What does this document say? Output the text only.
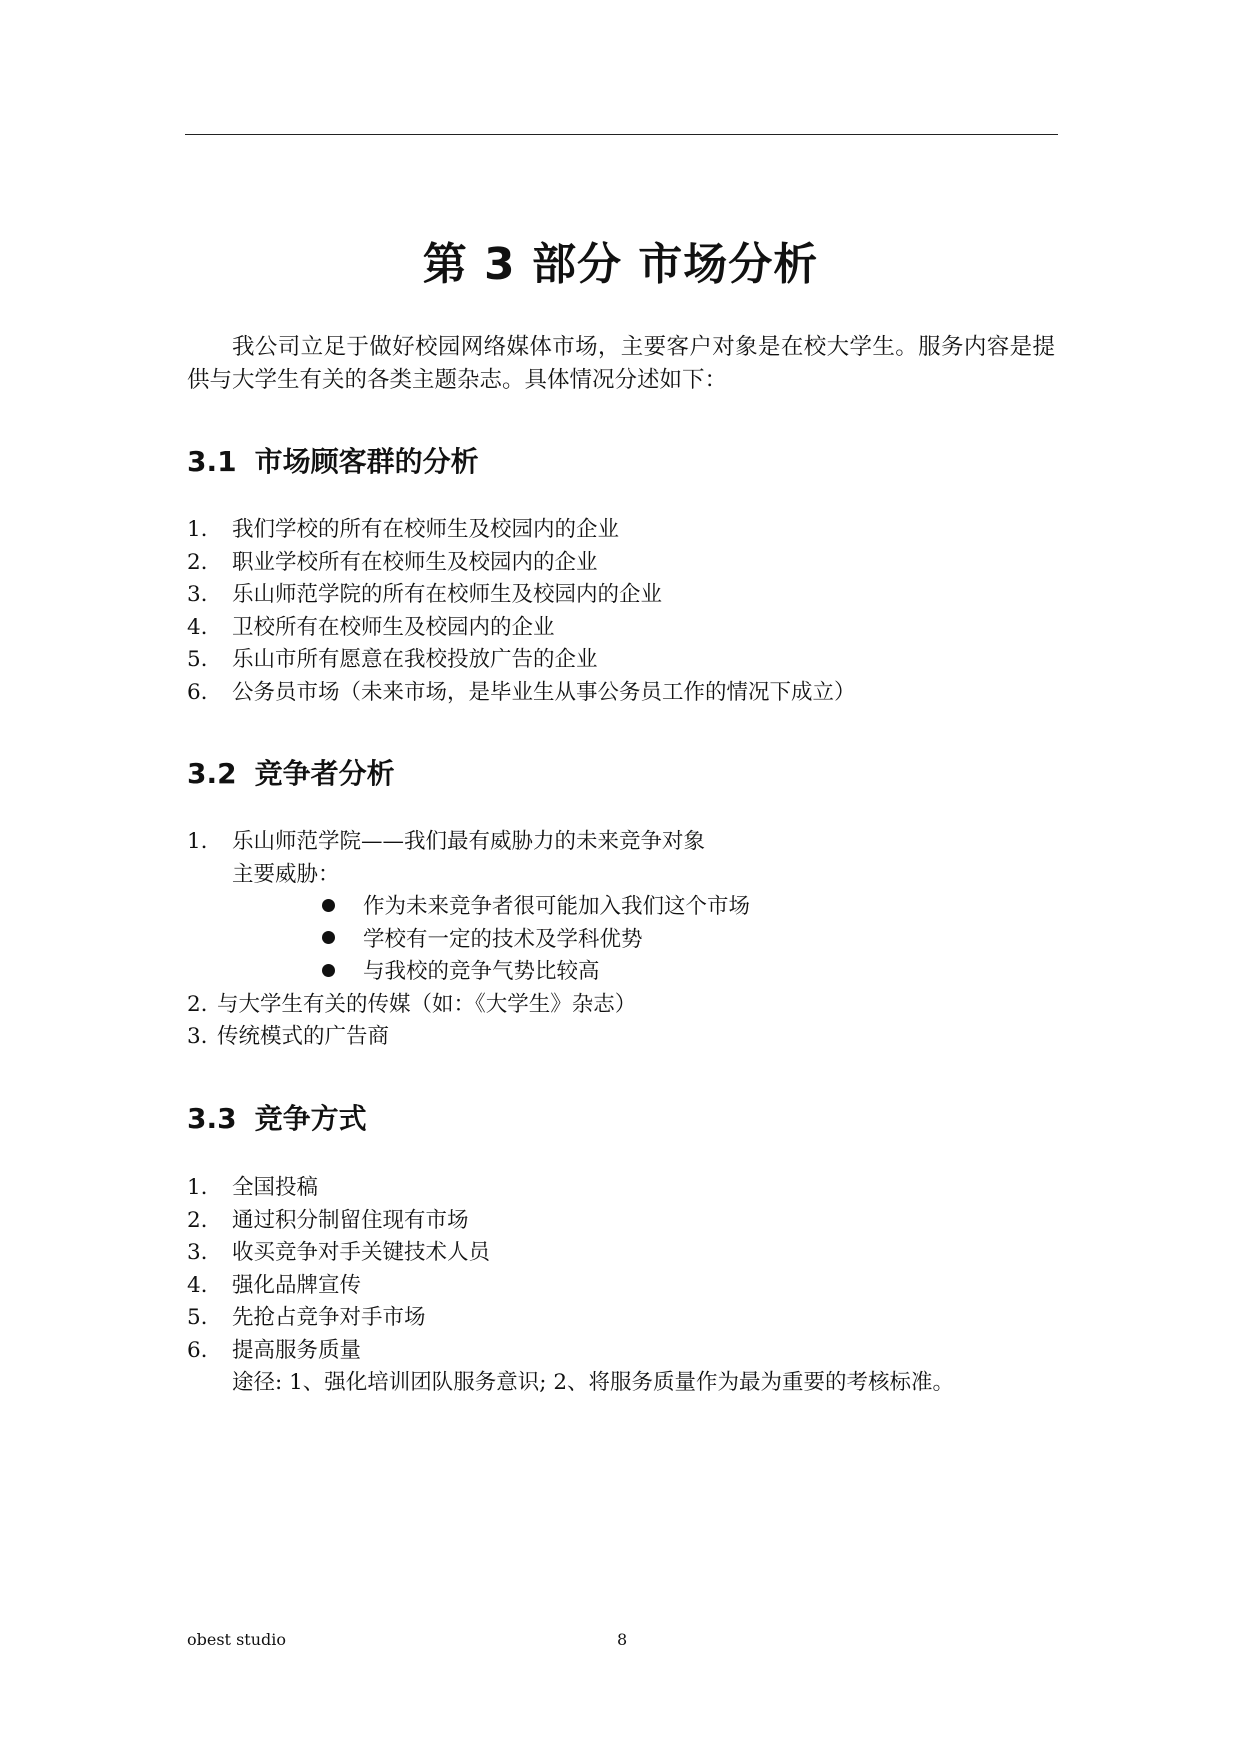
第 3 部分 市场分析
我公司立足于做好校园网络媒体市场，主要客户对象是在校大学生。服务内容是提供与大学生有关的各类主题杂志。具体情况分述如下：
3.1 市场顾客群的分析
1. 我们学校的所有在校师生及校园内的企业
2. 职业学校所有在校师生及校园内的企业
3. 乐山师范学院的所有在校师生及校园内的企业
4. 卫校所有在校师生及校园内的企业
5. 乐山市所有愿意在我校投放广告的企业
6. 公务员市场（未来市场，是毕业生从事公务员工作的情况下成立）
3.2 竞争者分析
1. 乐山师范学院——我们最有威胁力的未来竞争对象
主要威胁：
作为未来竞争者很可能加入我们这个市场
学校有一定的技术及学科优势
与我校的竞争气势比较高
2. 与大学生有关的传媒（如：《大学生》杂志）
3. 传统模式的广告商
3.3 竞争方式
1. 全国投稿
2. 通过积分制留住现有市场
3. 收买竞争对手关键技术人员
4. 强化品牌宣传
5. 先抢占竞争对手市场
6. 提高服务质量
途径: 1、强化培训团队服务意识; 2、将服务质量作为最为重要的考核标准。
obest studio	8
